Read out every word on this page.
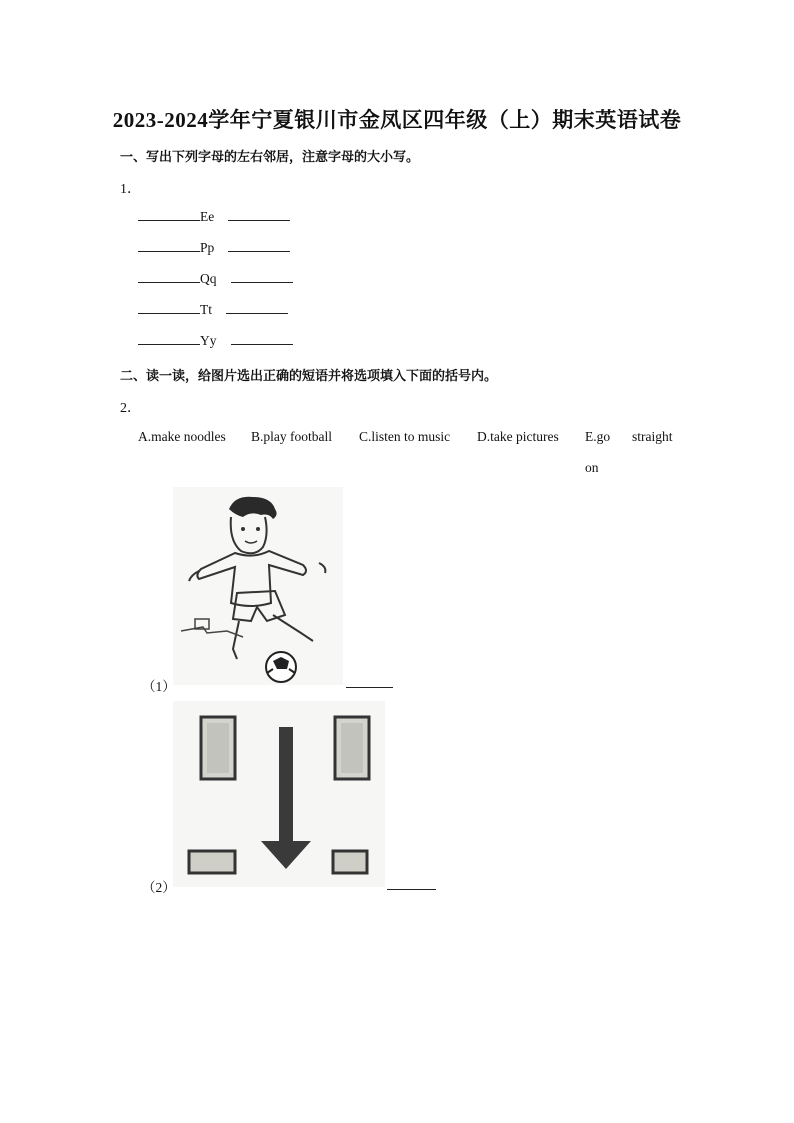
2023-2024学年宁夏银川市金凤区四年级（上）期末英语试卷
一、写出下列字母的左右邻居，注意字母的大小写。
1．
Ee
Pp
Qq
Tt
Yy
二、读一读，给图片选出正确的短语并将选项填入下面的括号内。
2．
A.make noodles B.play football C.listen to music D.take pictures E.go straight
on
（1）
（2）
